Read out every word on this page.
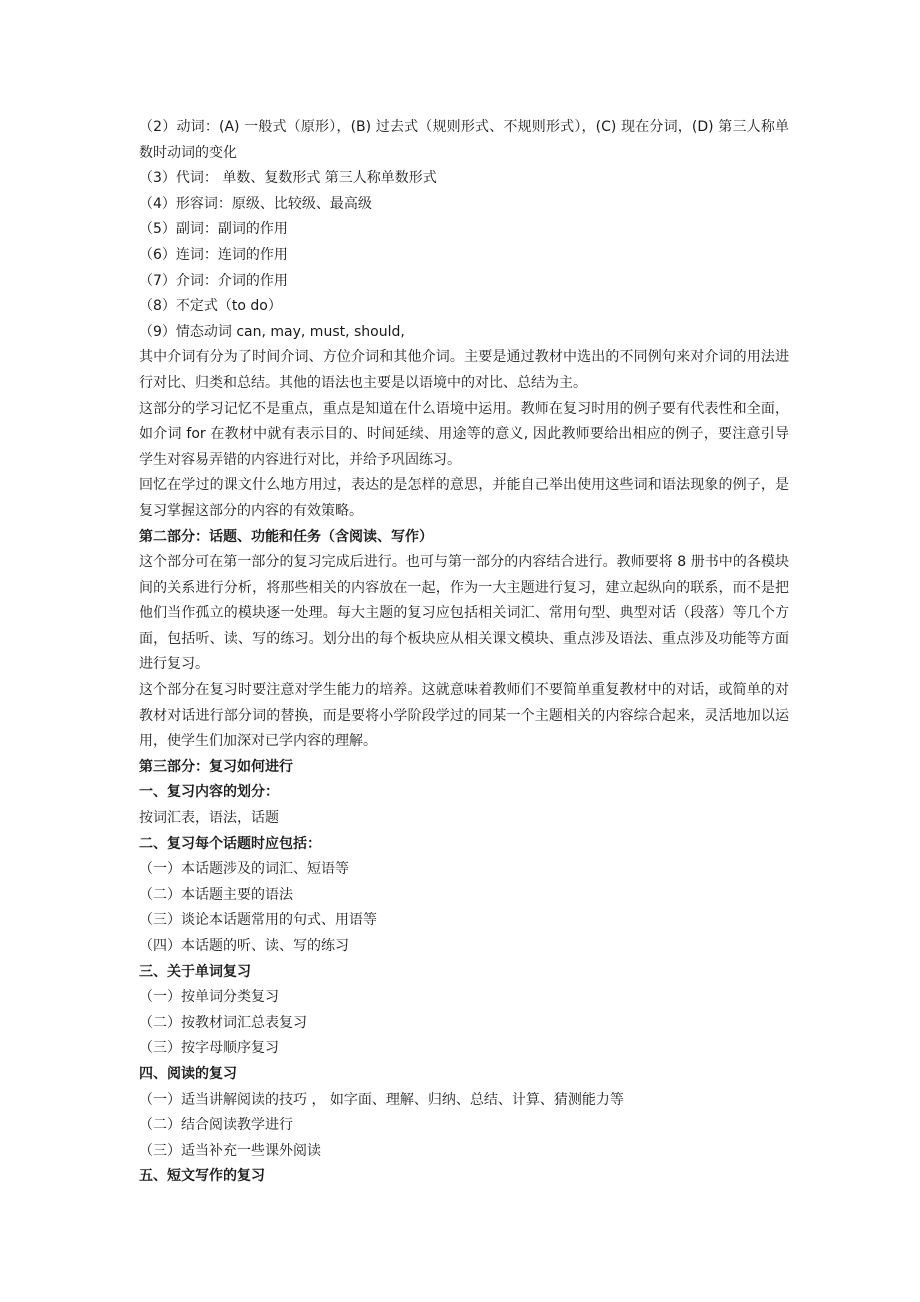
（2）动词：(A) 一般式（原形），(B) 过去式（规则形式、不规则形式），(C) 现在分词，(D) 第三人称单数时动词的变化
（3）代词： 单数、复数形式 第三人称单数形式
（4）形容词：原级、比较级、最高级
（5）副词：副词的作用
（6）连词：连词的作用
（7）介词：介词的作用
（8）不定式（to do）
（9）情态动词 can, may, must, should,
其中介词有分为了时间介词、方位介词和其他介词。主要是通过教材中选出的不同例句来对介词的用法进行对比、归类和总结。其他的语法也主要是以语境中的对比、总结为主。
这部分的学习记忆不是重点，重点是知道在什么语境中运用。教师在复习时用的例子要有代表性和全面，如介词 for 在教材中就有表示目的、时间延续、用途等的意义, 因此教师要给出相应的例子，要注意引导学生对容易弄错的内容进行对比，并给予巩固练习。
回忆在学过的课文什么地方用过，表达的是怎样的意思，并能自己举出使用这些词和语法现象的例子，是复习掌握这部分的内容的有效策略。
第二部分：话题、功能和任务（含阅读、写作）
这个部分可在第一部分的复习完成后进行。也可与第一部分的内容结合进行。教师要将 8 册书中的各模块间的关系进行分析，将那些相关的内容放在一起，作为一大主题进行复习，建立起纵向的联系，而不是把他们当作孤立的模块逐一处理。每大主题的复习应包括相关词汇、常用句型、典型对话（段落）等几个方面，包括听、读、写的练习。划分出的每个板块应从相关课文模块、重点涉及语法、重点涉及功能等方面进行复习。
这个部分在复习时要注意对学生能力的培养。这就意味着教师们不要简单重复教材中的对话，或简单的对教材对话进行部分词的替换，而是要将小学阶段学过的同某一个主题相关的内容综合起来，灵活地加以运用，使学生们加深对已学内容的理解。
第三部分：复习如何进行
一、复习内容的划分：
按词汇表，语法，话题
二、复习每个话题时应包括：
（一）本话题涉及的词汇、短语等
（二）本话题主要的语法
（三）谈论本话题常用的句式、用语等
（四）本话题的听、读、写的练习
三、关于单词复习
（一）按单词分类复习
（二）按教材词汇总表复习
（三）按字母顺序复习
四、阅读的复习
（一）适当讲解阅读的技巧 ， 如字面、理解、归纳、总结、计算、猜测能力等
（二）结合阅读教学进行
（三）适当补充一些课外阅读
五、短文写作的复习
